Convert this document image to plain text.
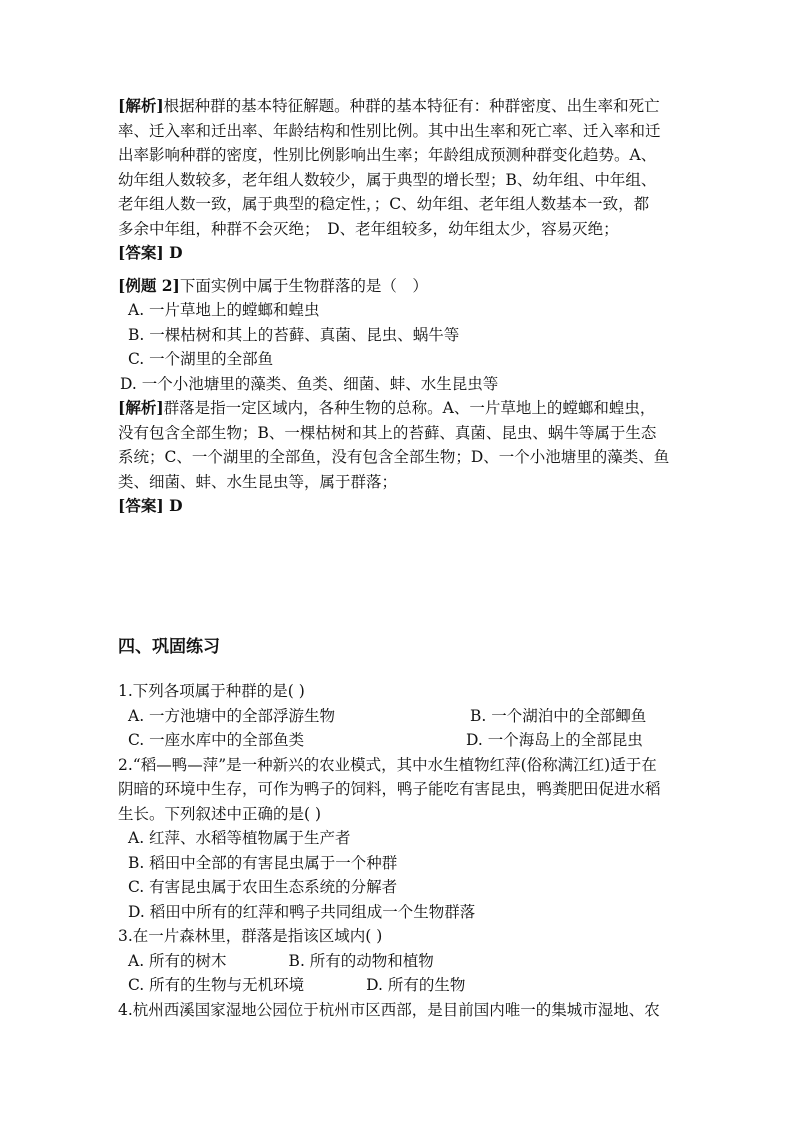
[解析]根据种群的基本特征解题。种群的基本特征有：种群密度、出生率和死亡
率、迁入率和迁出率、年龄结构和性别比例。其中出生率和死亡率、迁入率和迁
出率影响种群的密度，性别比例影响出生率；年龄组成预测种群变化趋势。A、
幼年组人数较多，老年组人数较少，属于典型的增长型；B、幼年组、中年组、
老年组人数一致，属于典型的稳定性，；C、幼年组、老年组人数基本一致，都
多余中年组，种群不会灭绝；　D、老年组较多，幼年组太少，容易灭绝；
[答案] D
[例题 2]下面实例中属于生物群落的是（　）
A. 一片草地上的螳螂和蝗虫
B. 一棵枯树和其上的苔藓、真菌、昆虫、蜗牛等
C. 一个湖里的全部鱼
D. 一个小池塘里的藻类、鱼类、细菌、蚌、水生昆虫等
[解析]群落是指一定区域内，各种生物的总称。A、一片草地上的螳螂和蝗虫，
没有包含全部生物；B、一棵枯树和其上的苔藓、真菌、昆虫、蜗牛等属于生态
系统；C、一个湖里的全部鱼，没有包含全部生物；D、一个小池塘里的藻类、鱼
类、细菌、蚌、水生昆虫等，属于群落；
[答案] D
四、巩固练习
1.下列各项属于种群的是( )
A. 一方池塘中的全部浮游生物	B. 一个湖泊中的全部鲫鱼
C. 一座水库中的全部鱼类	D. 一个海岛上的全部昆虫
2.“稻—鸭—萍”是一种新兴的农业模式，其中水生植物红萍(俗称满江红)适于在
阴暗的环境中生存，可作为鸭子的饲料，鸭子能吃有害昆虫，鸭粪肥田促进水稻
生长。下列叙述中正确的是( )
A. 红萍、水稻等植物属于生产者
B. 稻田中全部的有害昆虫属于一个种群
C. 有害昆虫属于农田生态系统的分解者
D. 稻田中所有的红萍和鸭子共同组成一个生物群落
3.在一片森林里，群落是指该区域内( )
A. 所有的树木　　　　B. 所有的动物和植物
C. 所有的生物与无机环境　　　　D. 所有的生物
4.杭州西溪国家湿地公园位于杭州市区西部，是目前国内唯一的集城市湿地、农
